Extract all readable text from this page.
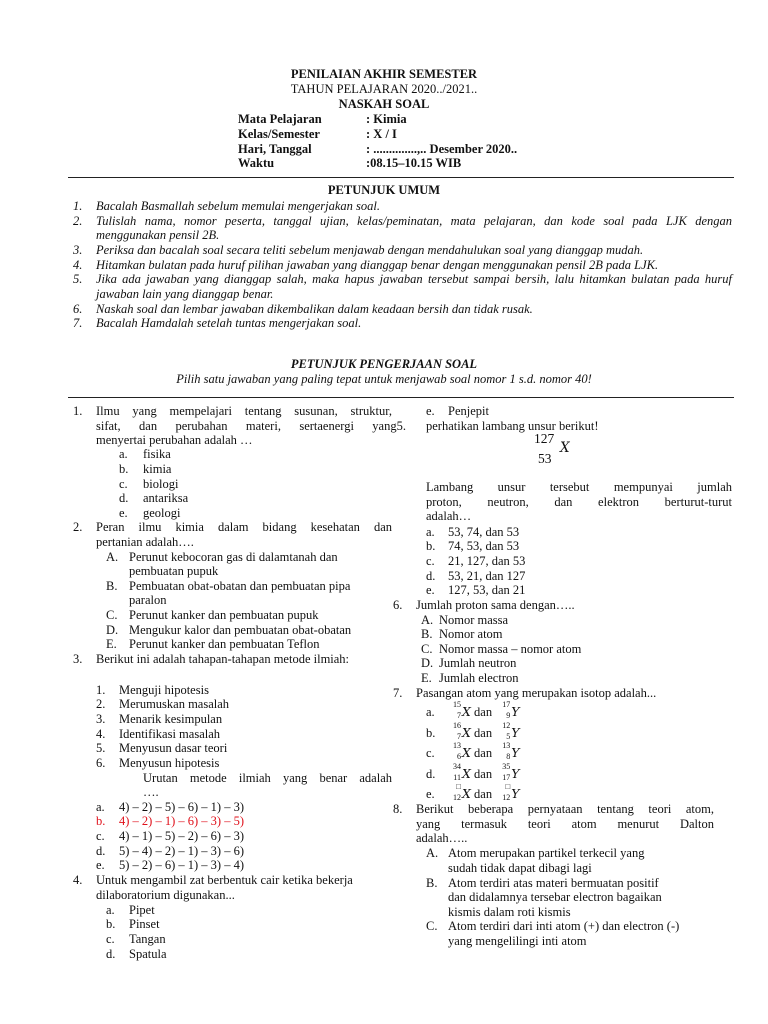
PENILAIAN AKHIR SEMESTER
TAHUN PELAJARAN 2020../2021..
NASKAH SOAL
Mata Pelajaran	: Kimia
Kelas/Semester	: X / I
Hari, Tanggal	: ..............,.. Desember 2020..
Waktu	:08.15–10.15 WIB
PETUNJUK UMUM
1. Bacalah Basmallah sebelum memulai mengerjakan soal.
2. Tulislah nama, nomor peserta, tanggal ujian, kelas/peminatan, mata pelajaran, dan kode soal pada LJK dengan
menggunakan pensil 2B.
3. Periksa dan bacalah soal secara teliti sebelum menjawab dengan mendahulukan soal yang dianggap mudah.
4. Hitamkan bulatan pada huruf pilihan jawaban yang dianggap benar dengan menggunakan pensil 2B pada LJK.
5. Jika ada jawaban yang dianggap salah, maka hapus jawaban tersebut sampai bersih, lalu hitamkan bulatan pada huruf
jawaban lain yang dianggap benar.
6. Naskah soal dan lembar jawaban dikembalikan dalam keadaan bersih dan tidak rusak.
7. Bacalah Hamdalah setelah tuntas mengerjakan soal.
PETUNJUK PENGERJAAN SOAL
Pilih satu jawaban yang paling tepat untuk menjawab soal nomor 1 s.d. nomor 40!
1. Ilmu yang mempelajari tentang susunan, struktur,
sifat, dan perubahan materi, sertaenergi yang5.
menyertai perubahan adalah …
a. fisika
b. kimia
c. biologi
d. antariksa
e. geologi
2. Peran ilmu kimia dalam bidang kesehatan dan
pertanian adalah….
A. Perunut kebocoran gas di dalamtanah dan
pembuatan pupuk
B. Pembuatan obat-obatan dan pembuatan pipa
paralon
C. Perunut kanker dan pembuatan pupuk
D. Mengukur kalor dan pembuatan obat-obatan
E. Perunut kanker dan pembuatan Teflon
3. Berikut ini adalah tahapan-tahapan metode ilmiah:
1. Menguji hipotesis
2. Merumuskan masalah
3. Menarik kesimpulan
4. Identifikasi masalah
5. Menyusun dasar teori
6. Menyusun hipotesis
Urutan metode ilmiah yang benar adalah
….
a. 4) – 2) – 5) – 6) – 1) – 3)
b. 4) – 2) – 1) – 6) – 3) – 5)
c. 4) – 1) – 5) – 2) – 6) – 3)
d. 5) – 4) – 2) – 1) – 3) – 6)
e. 5) – 2) – 6) – 1) – 3) – 4)
4. Untuk mengambil zat berbentuk cair ketika bekerja
dilaboratorium digunakan...
a. Pipet
b. Pinset
c. Tangan
d. Spatula
e. Penjepit
perhatikan lambang unsur berikut!
127
53
X
Lambang unsur tersebut mempunyai jumlah
proton, neutron, dan elektron berturut-turut
adalah…
a. 53, 74, dan 53
b. 74, 53, dan 53
c. 21, 127, dan 53
d. 53, 21, dan 127
e. 127, 53, dan 21
6. Jumlah proton sama dengan…..
A. Nomor massa
B. Nomor atom
C. Nomor massa – nomor atom
D. Jumlah neutron
E. Jumlah electron
7. Pasangan atom yang merupakan isotop adalah...
a.
15
7 X dan
17
9 Y
b.
16
7 X dan
12
5 Y
c.
13
6 X dan
13
8 Y
d.
34
11 X dan
35
17 Y
e.
□
12 X dan
□
12 Y
8. Berikut beberapa pernyataan tentang teori atom,
yang termasuk teori atom menurut Dalton
adalah…..
A. Atom merupakan partikel terkecil yang
sudah tidak dapat dibagi lagi
B. Atom terdiri atas materi bermuatan positif
dan didalamnya tersebar electron bagaikan
kismis dalam roti kismis
C. Atom terdiri dari inti atom (+) dan electron (-)
yang mengelilingi inti atom
